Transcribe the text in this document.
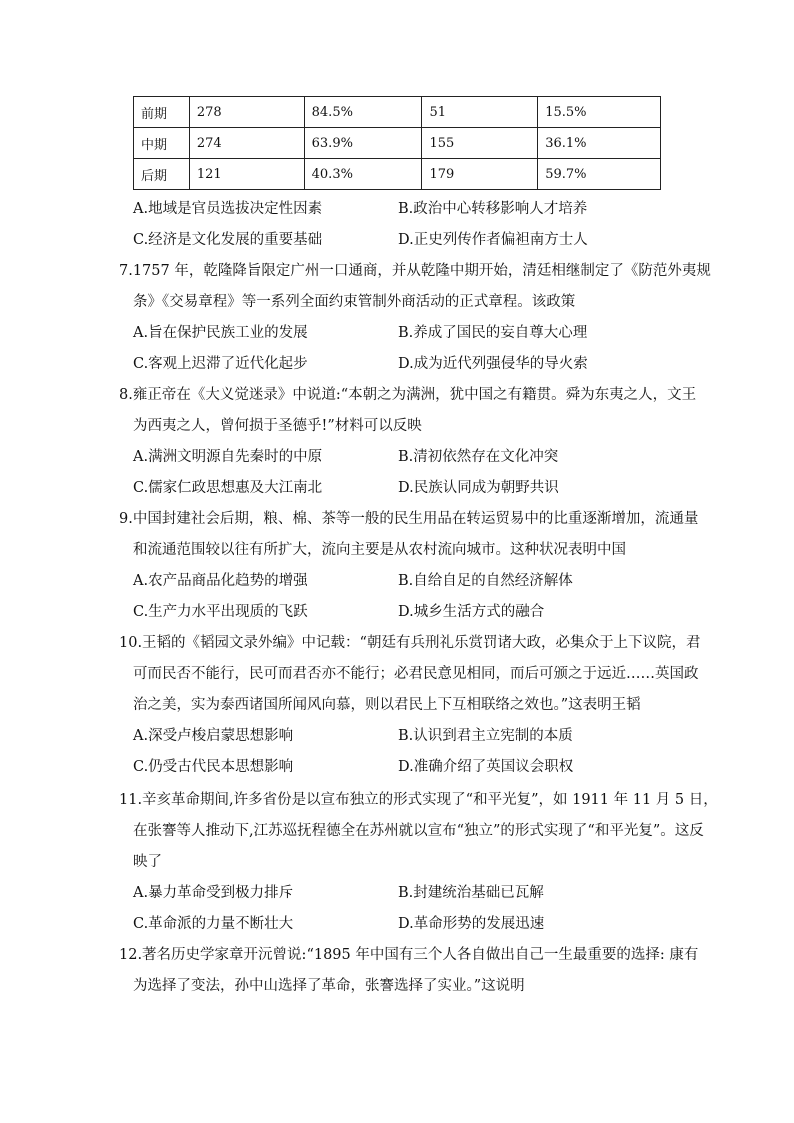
前期	278	84.5%	51	15.5%
中期	274	63.9%	155	36.1%
后期	121	40.3%	179	59.7%
A.地域是官员选拔决定性因素	B.政治中心转移影响人才培养
C.经济是文化发展的重要基础	D.正史列传作者偏袒南方士人
7.1757 年，乾隆降旨限定广州一口通商，并从乾隆中期开始，清廷相继制定了《防范外夷规
条》《交易章程》等一系列全面约束管制外商活动的正式章程。该政策
A.旨在保护民族工业的发展	B.养成了国民的妄自尊大心理
C.客观上迟滞了近代化起步	D.成为近代列强侵华的导火索
8.雍正帝在《大义觉迷录》中说道:“本朝之为满洲，犹中国之有籍贯。舜为东夷之人，文王
为西夷之人，曾何损于圣德乎!”材料可以反映
A.满洲文明源自先秦时的中原	B.清初依然存在文化冲突
C.儒家仁政思想惠及大江南北	D.民族认同成为朝野共识
9.中国封建社会后期，粮、棉、茶等一般的民生用品在转运贸易中的比重逐渐增加，流通量
和流通范围较以往有所扩大，流向主要是从农村流向城市。这种状况表明中国
A.农产品商品化趋势的增强	B.自给自足的自然经济解体
C.生产力水平出现质的飞跃	D.城乡生活方式的融合
10.王韬的《韬园文录外编》中记载：“朝廷有兵刑礼乐赏罚诸大政，必集众于上下议院，君
可而民否不能行，民可而君否亦不能行；必君民意见相同，而后可颁之于远近……英国政
治之美，实为泰西诸国所闻风向慕，则以君民上下互相联络之效也。”这表明王韬
A.深受卢梭启蒙思想影响	B.认识到君主立宪制的本质
C.仍受古代民本思想影响	D.准确介绍了英国议会职权
11.辛亥革命期间,许多省份是以宣布独立的形式实现了“和平光复”，如 1911 年 11 月 5 日，
在张謇等人推动下,江苏巡抚程德全在苏州就以宣布“独立”的形式实现了“和平光复”。这反
映了
A.暴力革命受到极力排斥	B.封建统治基础已瓦解
C.革命派的力量不断壮大	D.革命形势的发展迅速
12.著名历史学家章开沅曾说:“1895 年中国有三个人各自做出自己一生最重要的选择: 康有
为选择了变法，孙中山选择了革命，张謇选择了实业。”这说明
